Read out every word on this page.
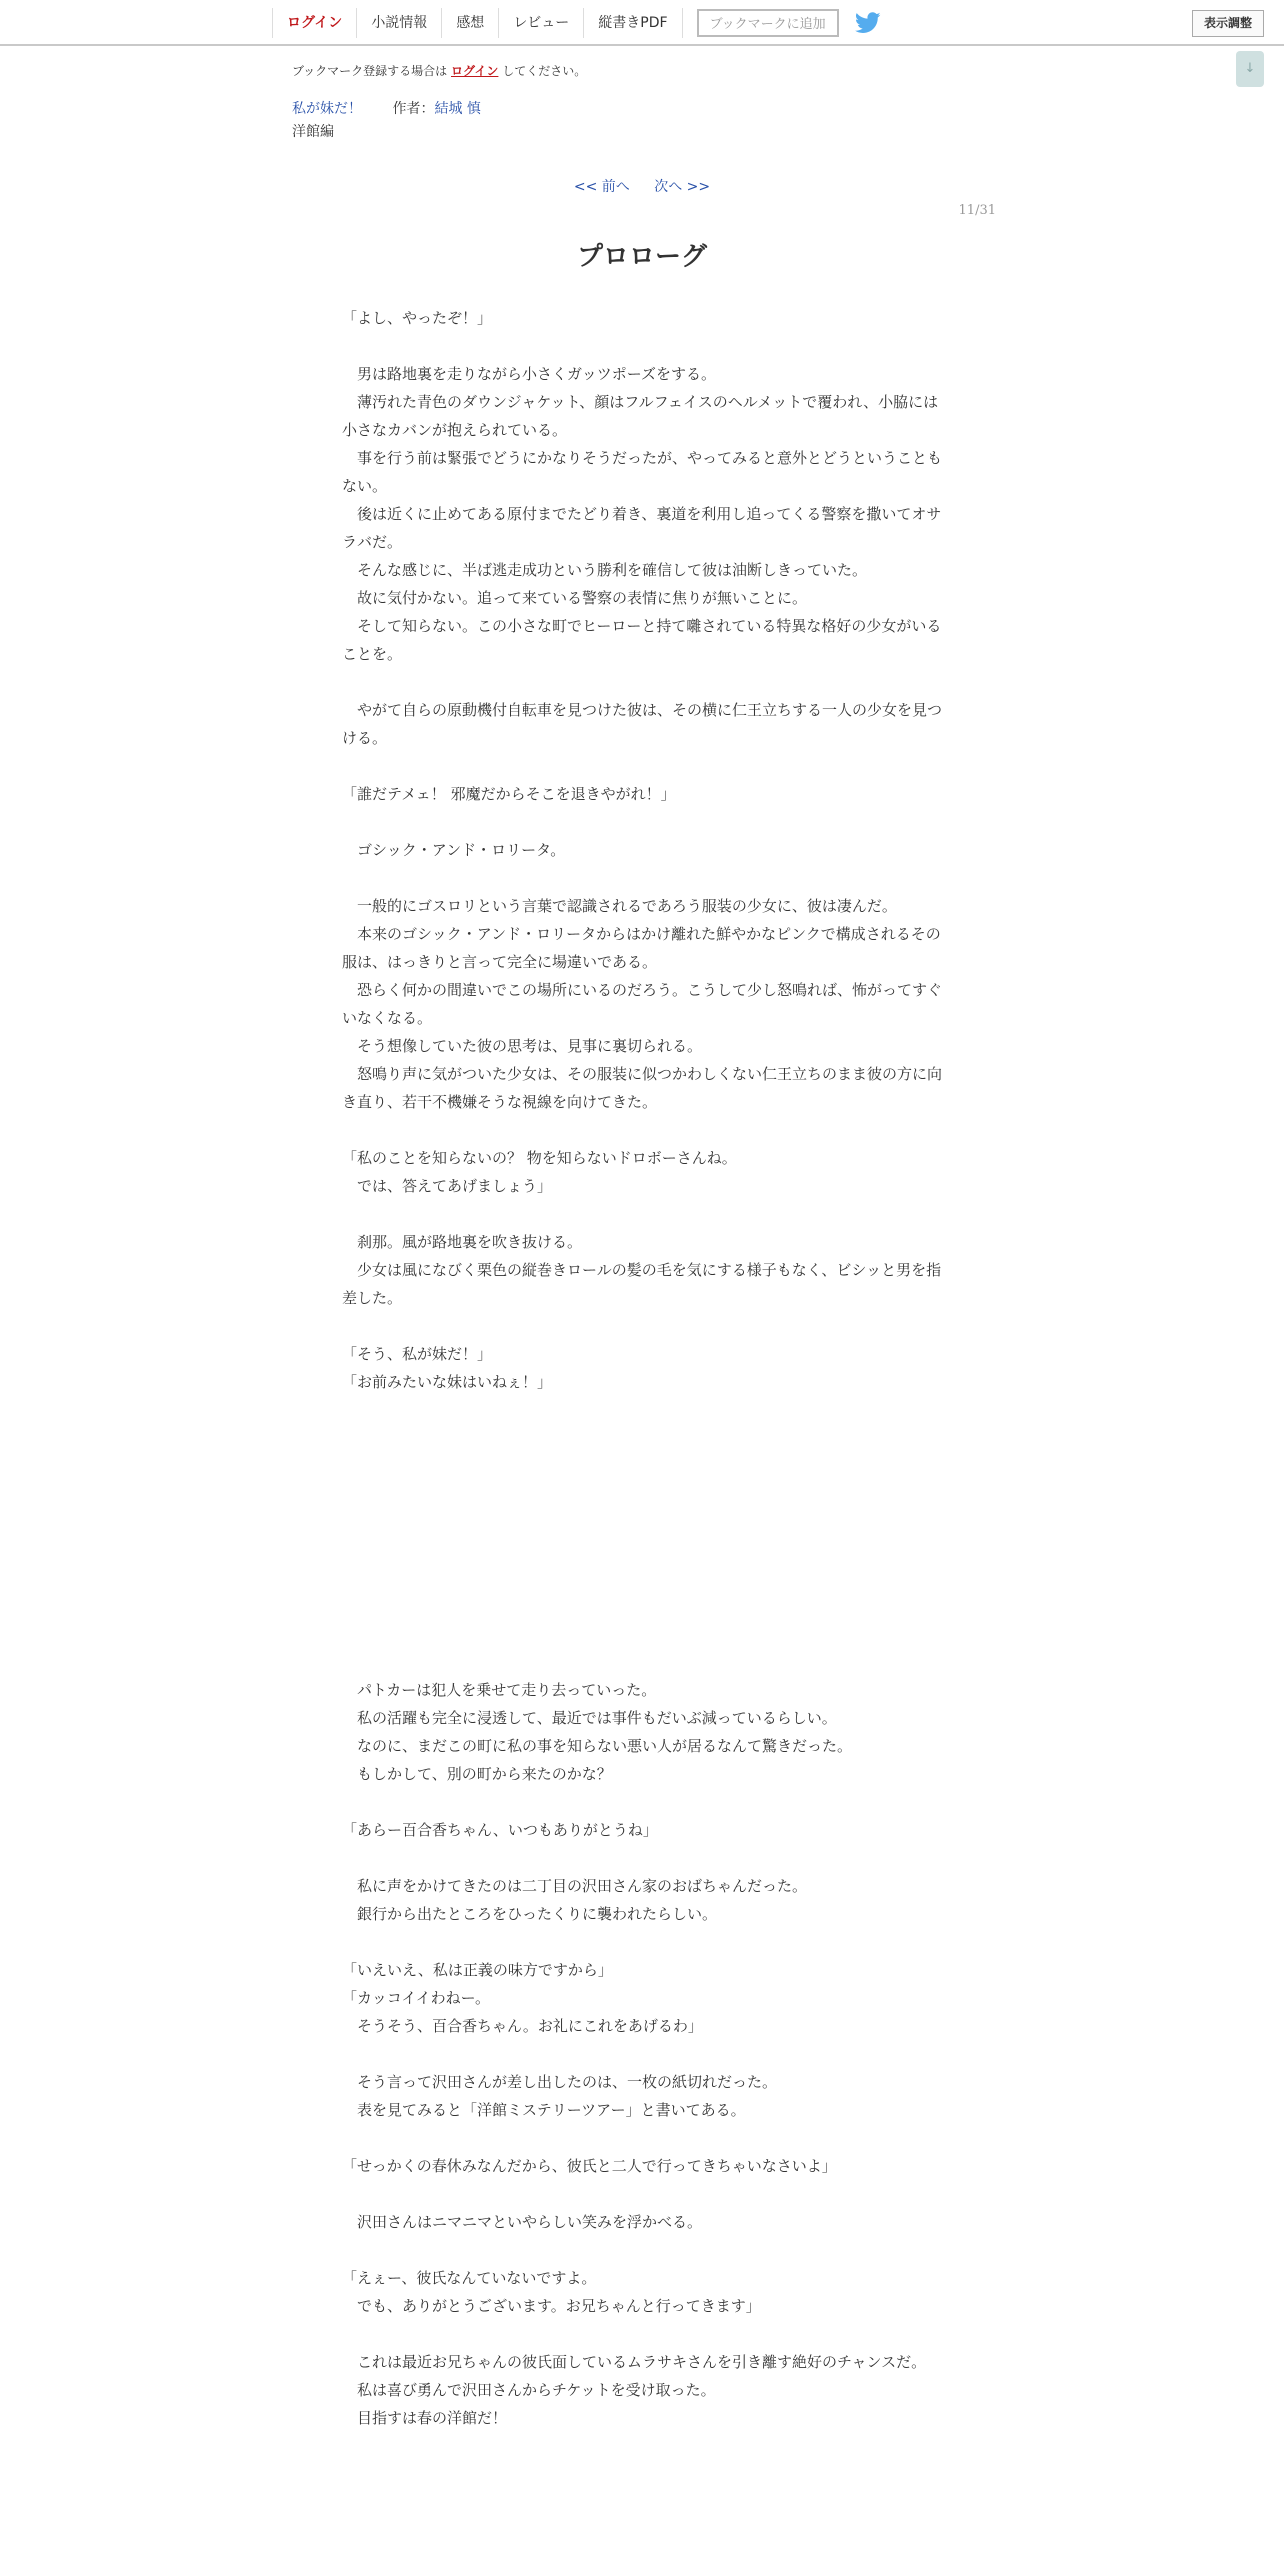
ログイン	小説情報	感想	レビュー	縦書きPDF	ブックマークに追加	表示調整
↓
ブックマーク登録する場合は ログイン してください。
私が妹だ！ 作者：結城 慎
洋館編
<< 前へ 次へ >>
11/31
プロローグ
「よし、やったぞ！」
　男は路地裏を走りながら小さくガッツポーズをする。
　薄汚れた青色のダウンジャケット、顔はフルフェイスのヘルメットで覆われ、小脇には小さなカバンが抱えられている。
　事を行う前は緊張でどうにかなりそうだったが、やってみると意外とどうということもない。
　後は近くに止めてある原付までたどり着き、裏道を利用し追ってくる警察を撒いてオサラバだ。
　そんな感じに、半ば逃走成功という勝利を確信して彼は油断しきっていた。
　故に気付かない。追って来ている警察の表情に焦りが無いことに。
　そして知らない。この小さな町でヒーローと持て囃されている特異な格好の少女がいることを。
　やがて自らの原動機付自転車を見つけた彼は、その横に仁王立ちする一人の少女を見つける。
「誰だテメェ！ 邪魔だからそこを退きやがれ！」
　ゴシック・アンド・ロリータ。
　一般的にゴスロリという言葉で認識されるであろう服装の少女に、彼は凄んだ。
　本来のゴシック・アンド・ロリータからはかけ離れた鮮やかなピンクで構成されるその服は、はっきりと言って完全に場違いである。
　恐らく何かの間違いでこの場所にいるのだろう。こうして少し怒鳴れば、怖がってすぐいなくなる。
　そう想像していた彼の思考は、見事に裏切られる。
　怒鳴り声に気がついた少女は、その服装に似つかわしくない仁王立ちのまま彼の方に向き直り、若干不機嫌そうな視線を向けてきた。
「私のことを知らないの？ 物を知らないドロボーさんね。
　では、答えてあげましょう」
　刹那。風が路地裏を吹き抜ける。
　少女は風になびく栗色の縦巻きロールの髪の毛を気にする様子もなく、ビシッと男を指差した。
「そう、私が妹だ！」
「お前みたいな妹はいねぇ！」
　パトカーは犯人を乗せて走り去っていった。
　私の活躍も完全に浸透して、最近では事件もだいぶ減っているらしい。
　なのに、まだこの町に私の事を知らない悪い人が居るなんて驚きだった。
　もしかして、別の町から来たのかな？
「あらー百合香ちゃん、いつもありがとうね」
　私に声をかけてきたのは二丁目の沢田さん家のおばちゃんだった。
　銀行から出たところをひったくりに襲われたらしい。
「いえいえ、私は正義の味方ですから」
「カッコイイわねー。
　そうそう、百合香ちゃん。お礼にこれをあげるわ」
　そう言って沢田さんが差し出したのは、一枚の紙切れだった。
　表を見てみると「洋館ミステリーツアー」と書いてある。
「せっかくの春休みなんだから、彼氏と二人で行ってきちゃいなさいよ」
　沢田さんはニマニマといやらしい笑みを浮かべる。
「えぇー、彼氏なんていないですよ。
　でも、ありがとうございます。お兄ちゃんと行ってきます」
　これは最近お兄ちゃんの彼氏面しているムラサキさんを引き離す絶好のチャンスだ。
　私は喜び勇んで沢田さんからチケットを受け取った。
　目指すは春の洋館だ！
